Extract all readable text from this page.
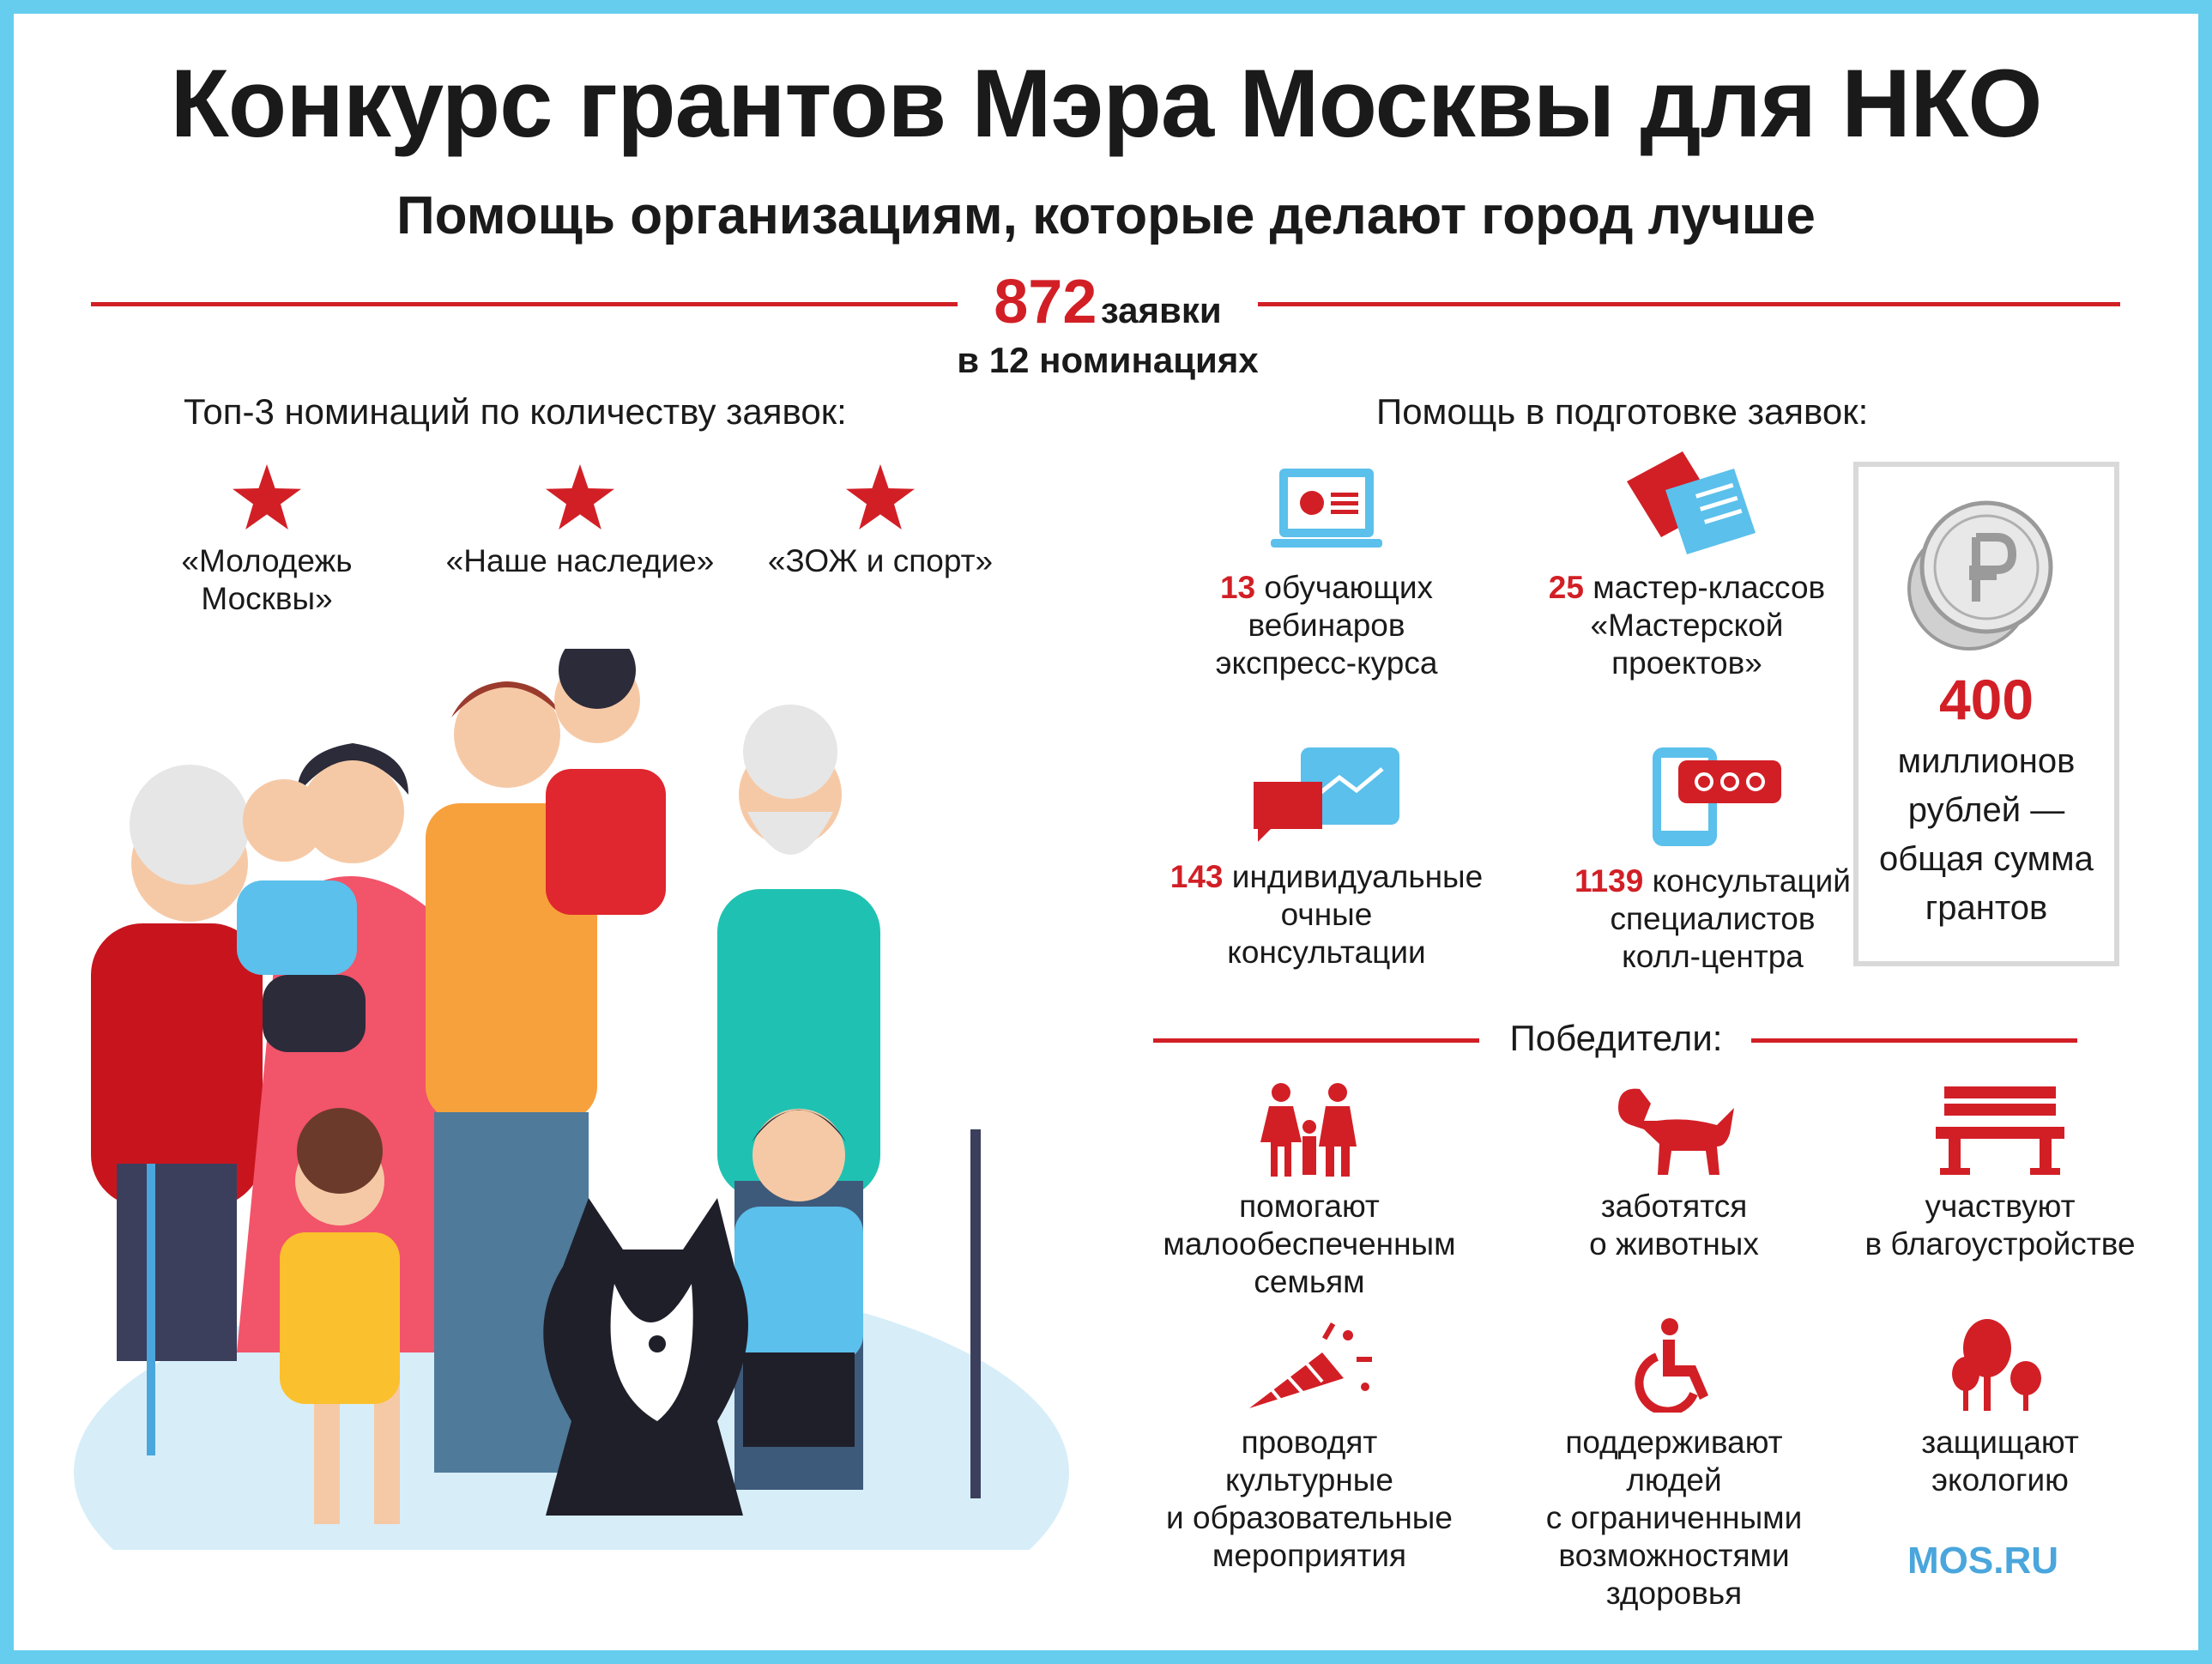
Конкурс грантов Мэра Москвы для НКО
Помощь организациям, которые делают город лучше
872 заявки
в 12 номинациях
Топ-3 номинаций по количеству заявок:
«Молодежь
Москвы»
«Наше наследие»	«ЗОЖ и спорт»
Помощь в подготовке заявок:
13 обучающих
вебинаров
экспресс-курса
25 мастер-классов
«Мастерской
проектов»
143 индивидуальные
очные
консультации
1139 консультаций
специалистов
колл-центра
400
миллионов
рублей —
общая сумма
грантов
Победители:
помогают
малообеспеченным
семьям
заботятся
о животных
участвуют
в благоустройстве
проводят
культурные
и образовательные
мероприятия
поддерживают
людей
с ограниченными
возможностями
здоровья
защищают
экологию
MOS.RU
